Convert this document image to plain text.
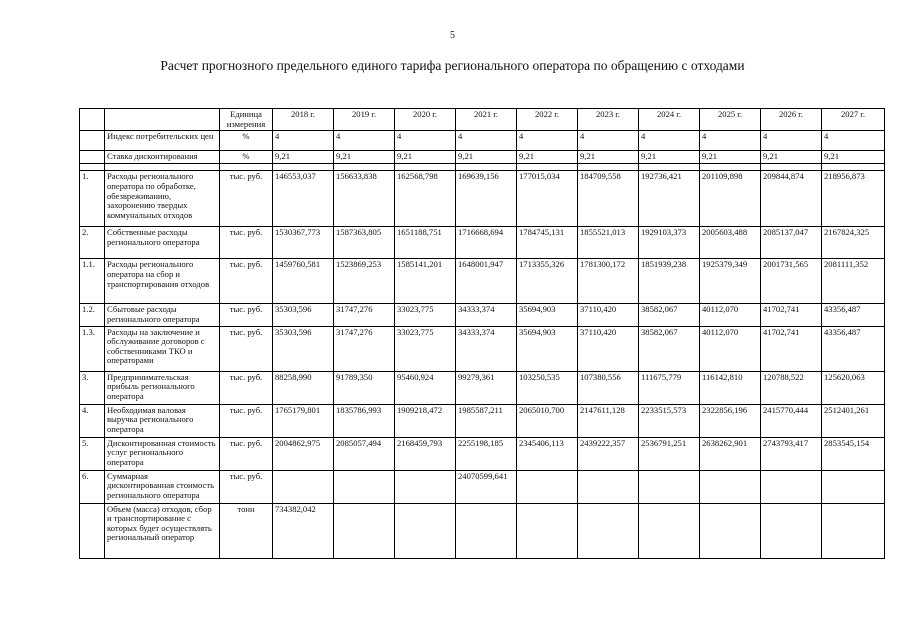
5
Расчет прогнозного предельного единого тарифа регионального оператора по обращению с отходами
		Единица измерения	2018 г.	2019 г.	2020 г.	2021 г.	2022 г.	2023 г.	2024 г.	2025 г.	2026 г.	2027 г.
	Индекс потребительских цен	%	4	4	4	4	4	4	4	4	4	4
	Ставка дисконтирования	%	9,21	9,21	9,21	9,21	9,21	9,21	9,21	9,21	9,21	9,21

1.	Расходы регионального оператора по обработке, обезвреживанию, захоронению твердых коммунальных отходов	тыс. руб.	146553,037	156633,838	162568,798	169639,156	177015,034	184709,558	192736,421	201109,898	209844,874	218956,873
2.	Собственные расходы регионального оператора	тыс. руб.	1530367,773	1587363,805	1651188,751	1716668,694	1784745,131	1855521,013	1929103,373	2005603,488	2085137,047	2167824,325
1.1.	Расходы регионального оператора на сбор и транспортирования отходов	тыс. руб.	1459760,581	1523869,253	1585141,201	1648001,947	1713355,326	1781300,172	1851939,238	1925379,349	2001731,565	2081111,352
1.2.	Сбытовые расходы регионального оператора	тыс. руб.	35303,596	31747,276	33023,775	34333,374	35694,903	37110,420	38582,067	40112,070	41702,741	43356,487
1.3.	Расходы на заключение и обслуживание договоров с собственниками ТКО и операторами	тыс. руб.	35303,596	31747,276	33023,775	34333,374	35694,903	37110,420	38582,067	40112,070	41702,741	43356,487
3.	Предпринимательская прибыль регионального оператора	тыс. руб.	88258,990	91789,350	95460,924	99279,361	103250,535	107380,556	111675,779	116142,810	120788,522	125620,063
4.	Необходимая валовая выручка регионального оператора	тыс. руб.	1765179,801	1835786,993	1909218,472	1985587,211	2065010,700	2147611,128	2233515,573	2322856,196	2415770,444	2512401,261
5.	Дисконтированная стоимость услуг регионального оператора	тыс. руб.	2004862,975	2085057,494	2168459,793	2255198,185	2345406,113	2439222,357	2536791,251	2638262,901	2743793,417	2853545,154
6.	Суммарная дисконтированная стоимость регионального оператора	тыс. руб.				24070599,641						
	Объем (масса) отходов, сбор и транспортирование с которых будет осуществлять региональный оператор	тонн	734382,042									
